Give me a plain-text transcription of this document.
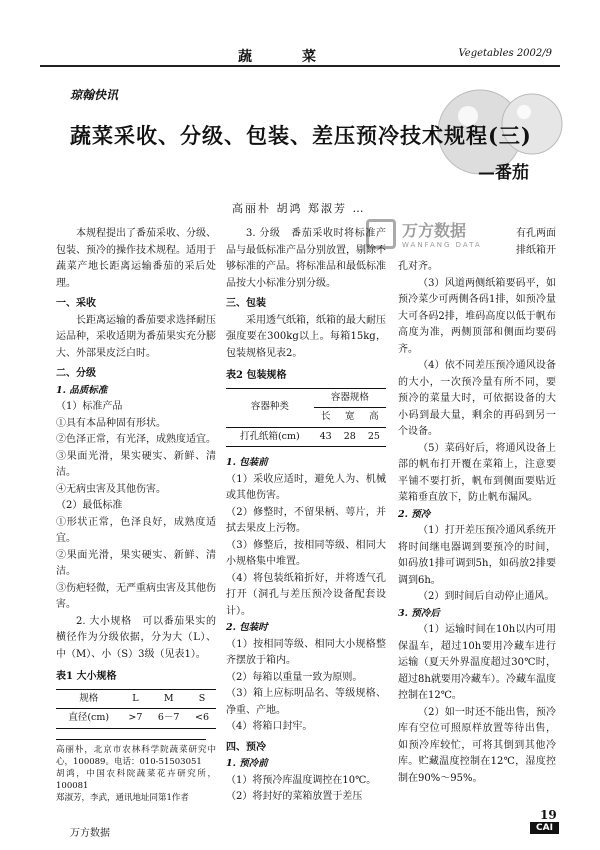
蔬　菜	Vegetables 2002/9
琼翰快讯
蔬菜采收、分级、包装、差压预冷技术规程(三)
—番茄
高丽朴 胡鸿 郑淑芳 …
万方数据
WANFANG DATA

本规程提出了番茄采收、分级、包装、预冷的操作技术规程。适用于蔬菜产地长距离运输番茄的采后处理。

一、采收

长距离运输的番茄要求选择耐压运品种，采收适期为番茄果实充分膨大、外部果皮泛白时。

二、分级

1. 品质标准

（1）标准产品

①具有本品种固有形状。

②色泽正常，有光泽，成熟度适宜。

③果面光滑，果实硬实、新鲜、清洁。

④无病虫害及其他伤害。

（2）最低标准

①形状正常，色泽良好，成熟度适宜。

②果面光滑，果实硬实、新鲜、清洁。

③伤疤轻微，无严重病虫害及其他伤害。

2. 大小规格　可以番茄果实的横径作为分级依据，分为大（L）、中（M）、小（S）3级（见表1）。

表1 大小规格
规格	L	M	S
直径(cm)	>7	6－7	<6

高丽朴，北京市农林科学院蔬菜研究中心，100089。电话：010-51503051

胡鸿，中国农科院蔬菜花卉研究所，100081

郑淑芳，李武，通讯地址同第1作者

3. 分级　番茄采收时将标准产品与最低标准产品分别放置，剔除不够标准的产品。将标准品和最低标准品按大小标准分别分级。

三、包装

采用透气纸箱，纸箱的最大耐压强度要在300kg以上。每箱15kg，包装规格见表2。

表2 包装规格
容器种类	容器规格		
	长	宽	高
打孔纸箱(cm)	43	28	25

1. 包装前

（1）采收应适时，避免人为、机械或其他伤害。

（2）修整时，不留果柄、萼片，并拭去果皮上污物。

（3）修整后，按相同等级、相同大小规格集中堆置。

（4）将包装纸箱折好，并将透气孔打开（洞孔与差压预冷设备配套设计）。

2. 包装时

（1）按相同等级、相同大小规格整齐摆放于箱内。

（2）每箱以重量一致为原则。

（3）箱上应标明品名、等级规格、净重、产地。

（4）将箱口封牢。

四、预冷

1. 预冷前

（1）将预冷库温度调控在10℃。

（2）将封好的菜箱放置于差压

有孔两面

排纸箱开

孔对齐。

（3）风道两侧纸箱要码平，如预冷菜少可两侧各码1排，如预冷量大可各码2排，堆码高度以低于帆布高度为准，两侧顶部和侧面均要码齐。

（4）依不同差压预冷通风设备的大小，一次预冷量有所不同，要预冷的菜量大时，可依据设备的大小码到最大量，剩余的再码到另一个设备。

（5）菜码好后，将通风设备上部的帆布打开覆在菜箱上，注意要平铺不要打折，帆布到侧面要贴近菜箱垂直放下，防止帆布漏风。

2. 预冷

（1）打开差压预冷通风系统开将时间继电器调到要预冷的时间，如码放1排可调到5h，如码放2排要调到6h。

（2）到时间后自动停止通风。

3. 预冷后

（1）运输时间在10h以内可用保温车，超过10h要用冷藏车进行运输（夏天外界温度超过30℃时，超过8h就要用冷藏车）。冷藏车温度控制在12℃。

（2）如一时还不能出售，预冷库有空位可照原样放置等待出售，如预冷库较忙，可将其倒到其他冷库。贮藏温度控制在12℃，湿度控制在90%～95%。

19
CAI
万方数据
